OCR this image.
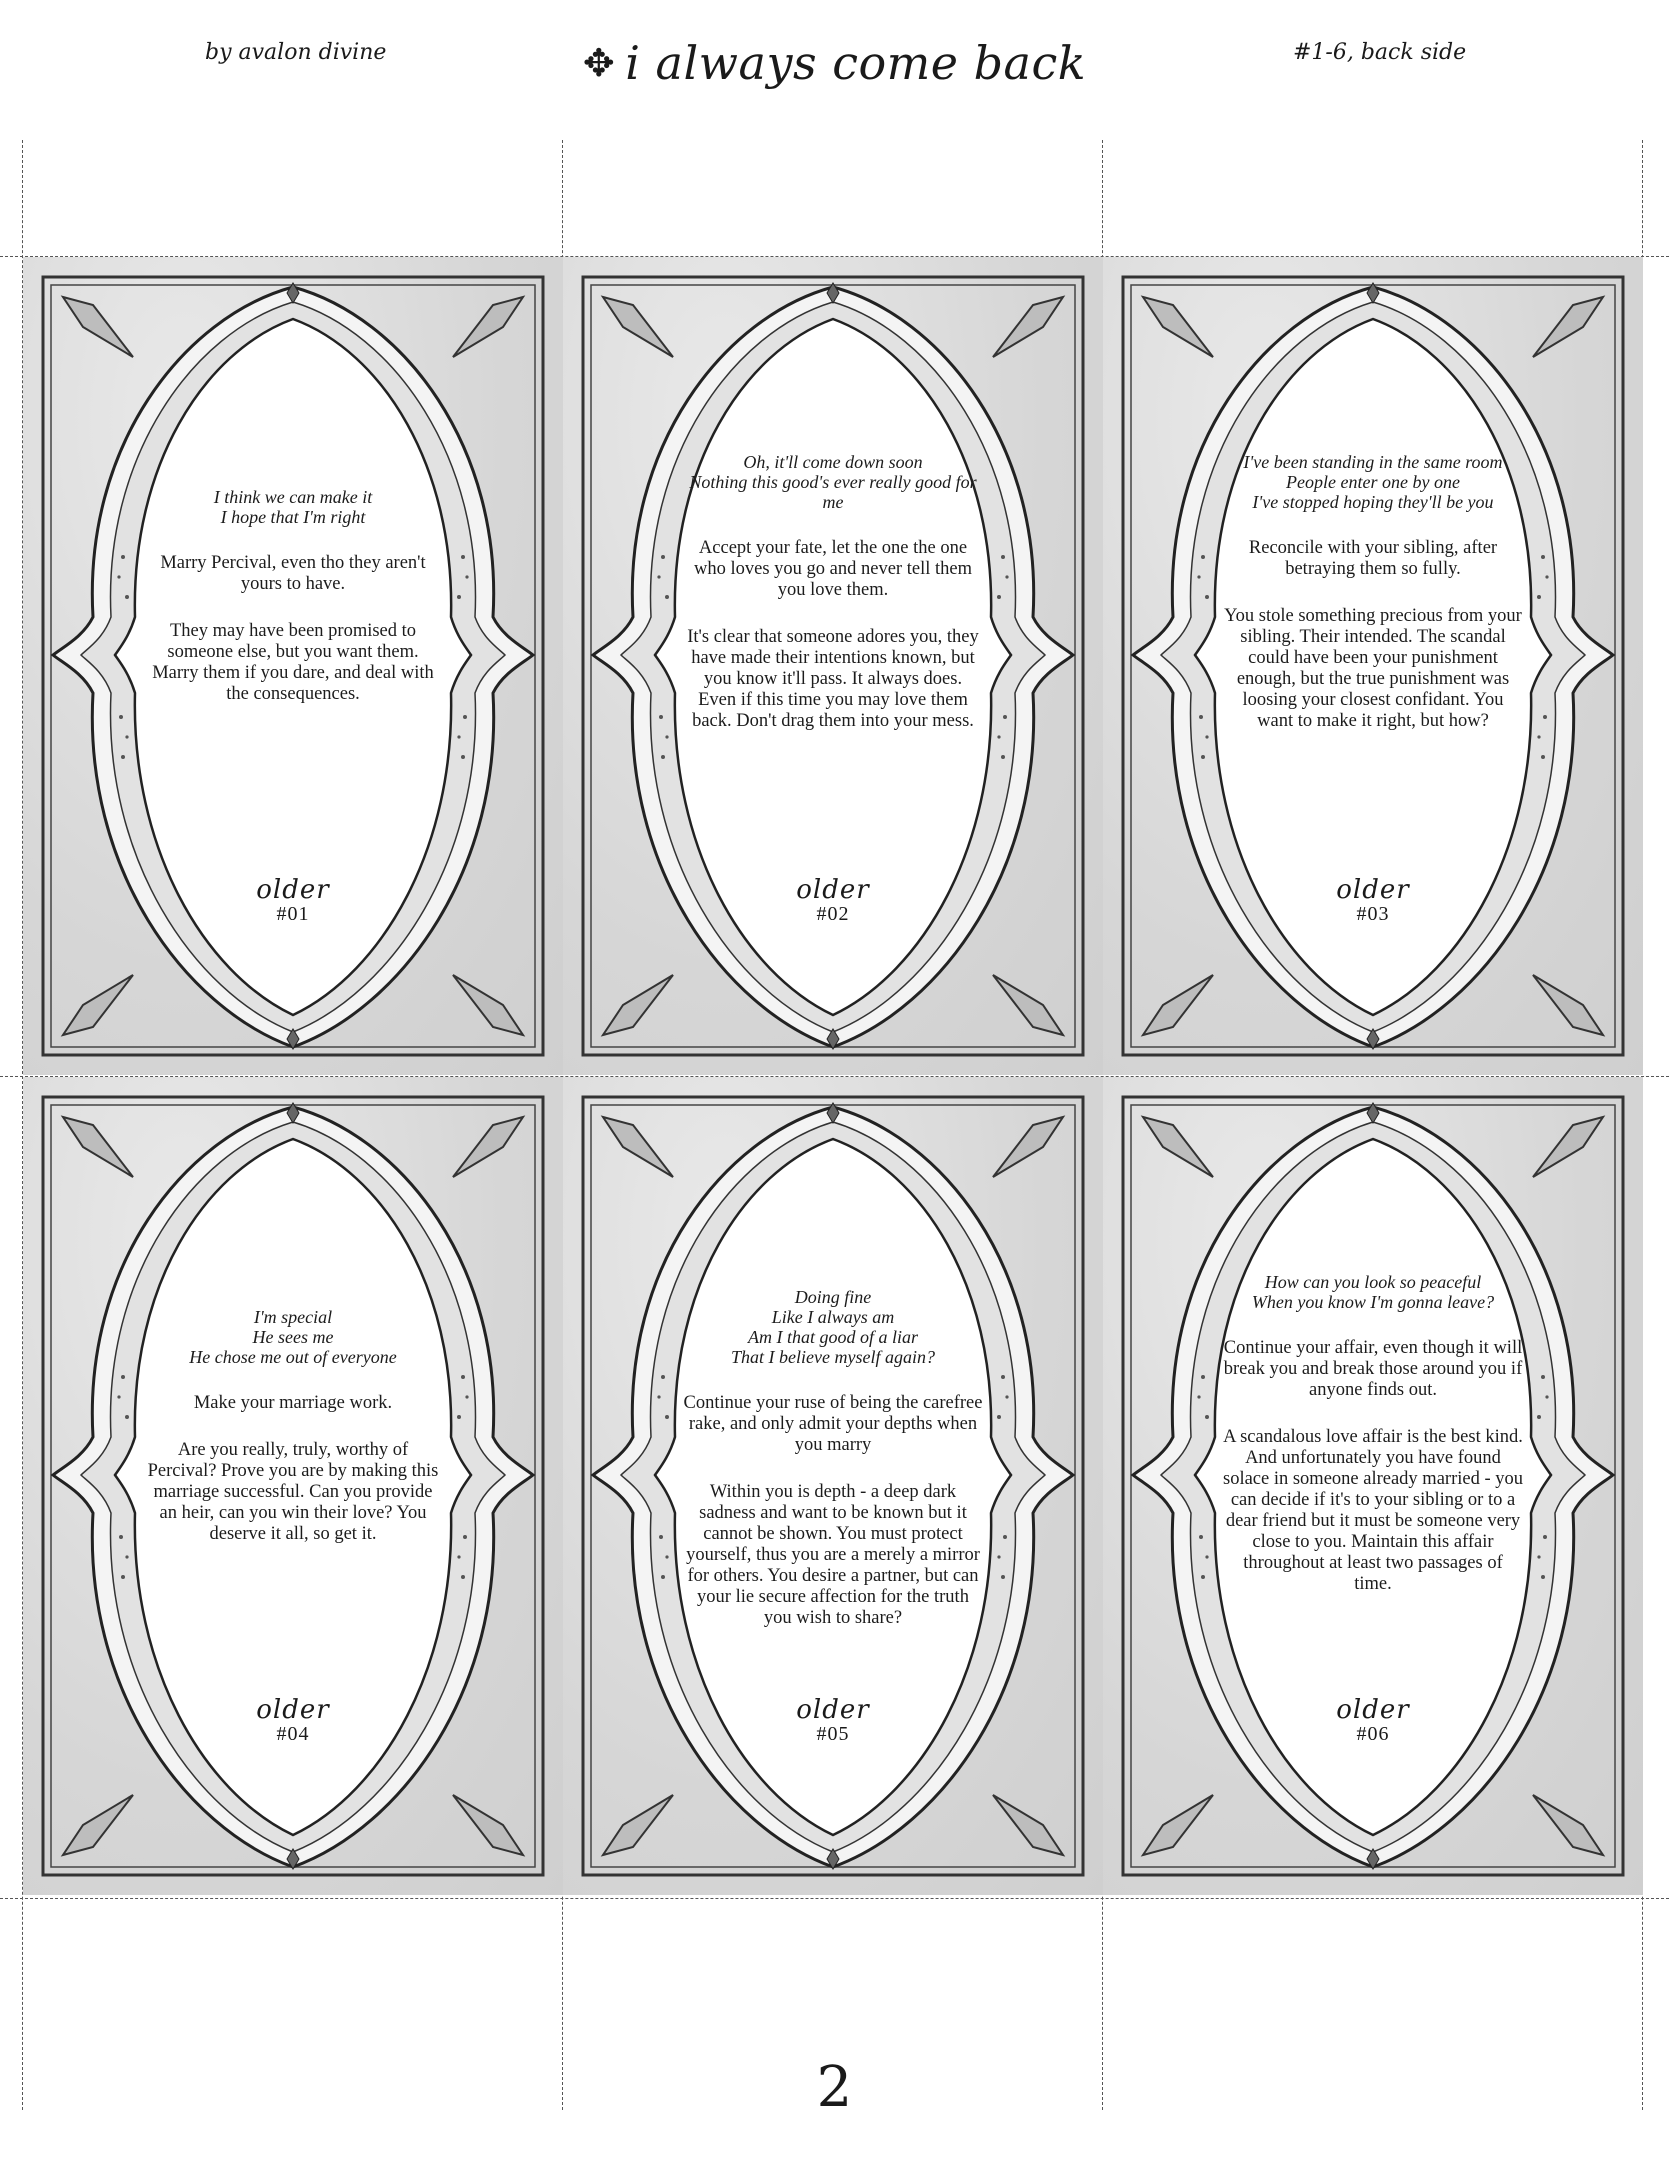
by avalon divine	✥ i always come back	#1-6, back side
I think we can make it
I hope that I'm right
Marry Percival, even tho they aren't yours to have.
They may have been promised to someone else, but you want them. Marry them if you dare, and deal with the consequences.
older
#01
Oh, it'll come down soon
Nothing this good's ever really good for me
Accept your fate, let the one the one who loves you go and never tell them you love them.
It's clear that someone adores you, they have made their intentions known, but you know it'll pass. It always does. Even if this time you may love them back. Don't drag them into your mess.
older
#02
I've been standing in the same room
People enter one by one
I've stopped hoping they'll be you
Reconcile with your sibling, after betraying them so fully.
You stole something precious from your sibling. Their intended. The scandal could have been your punishment enough, but the true punishment was loosing your closest confidant. You want to make it right, but how?
older
#03
I'm special
He sees me
He chose me out of everyone
Make your marriage work.
Are you really, truly, worthy of Percival? Prove you are by making this marriage successful. Can you provide an heir, can you win their love? You deserve it all, so get it.
older
#04
Doing fine
Like I always am
Am I that good of a liar
That I believe myself again?
Continue your ruse of being the carefree rake, and only admit your depths when you marry
Within you is depth - a deep dark sadness and want to be known but it cannot be shown. You must protect yourself, thus you are a merely a mirror for others. You desire a partner, but can your lie secure affection for the truth you wish to share?
older
#05
How can you look so peaceful
When you know I'm gonna leave?
Continue your affair, even though it will break you and break those around you if anyone finds out.
A scandalous love affair is the best kind. And unfortunately you have found solace in someone already married - you can decide if it's to your sibling or to a dear friend but it must be someone very close to you. Maintain this affair throughout at least two passages of time.
older
#06
2
